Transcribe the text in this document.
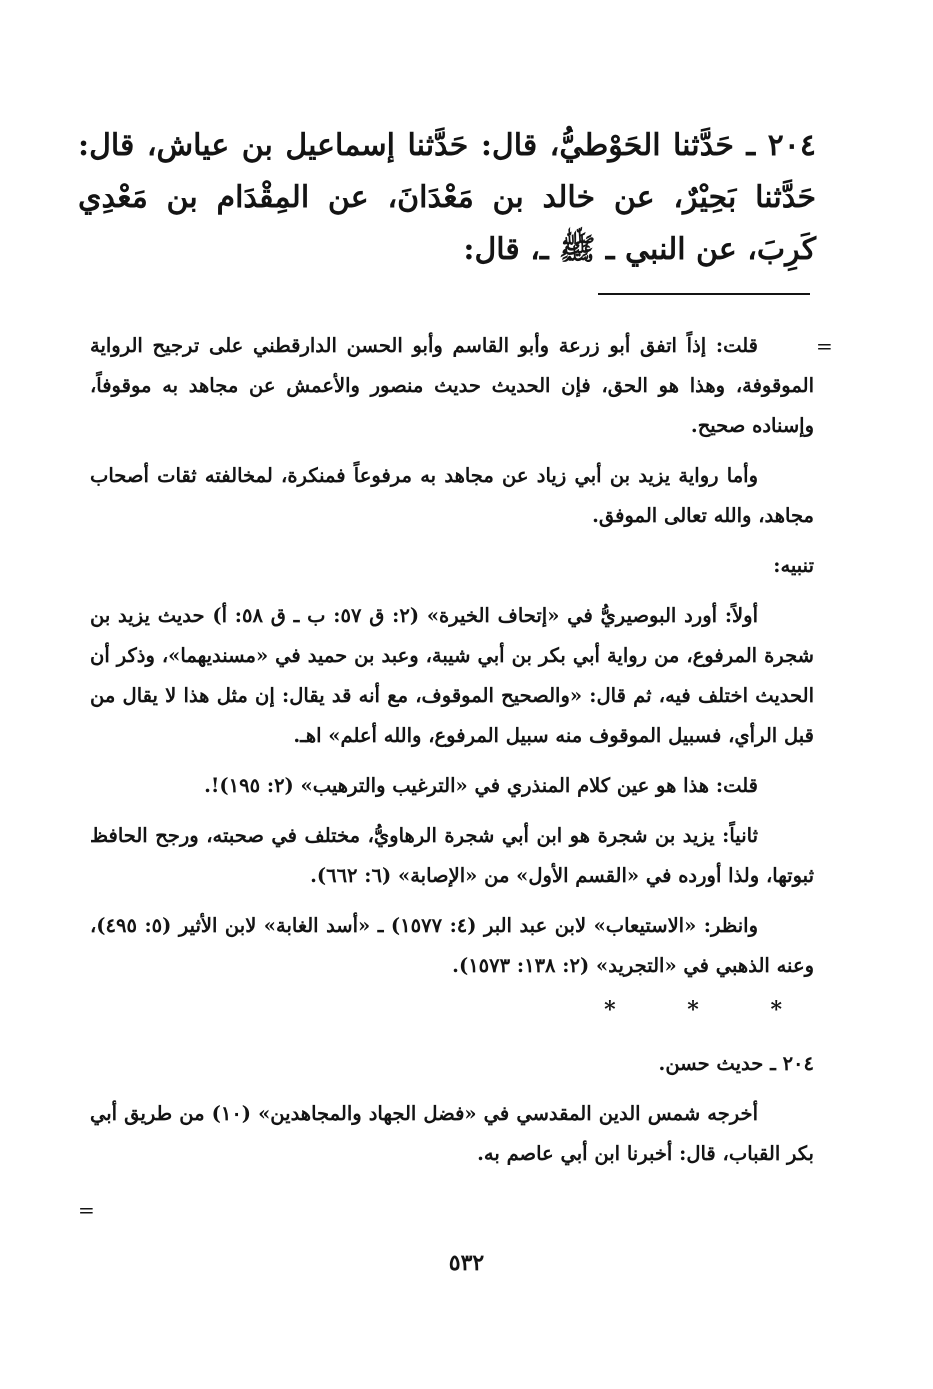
٢٠٤ ـ حَدَّثنا الحَوْطيُّ، قال: حَدَّثنا إسماعيل بن عياش، قال: حَدَّثنا بَحِيْرٌ، عن خالد بن مَعْدَانَ، عن المِقْدَام بن مَعْدِي كَرِبَ، عن النبي ـ ﷺ ـ، قال:
=

قلت: إذاً اتفق أبو زرعة وأبو القاسم وأبو الحسن الدارقطني على ترجيح الرواية الموقوفة، وهذا هو الحق، فإن الحديث حديث منصور والأعمش عن مجاهد به موقوفاً، وإسناده صحيح.

وأما رواية يزيد بن أبي زياد عن مجاهد به مرفوعاً فمنكرة، لمخالفته ثقات أصحاب مجاهد، والله تعالى الموفق.

تنبيه:

أولاً: أورد البوصيريُّ في «إتحاف الخيرة» (٢: ق ٥٧: ب ـ ق ٥٨: أ) حديث يزيد بن شجرة المرفوع، من رواية أبي بكر بن أبي شيبة، وعبد بن حميد في «مسنديهما»، وذكر أن الحديث اختلف فيه، ثم قال: «والصحيح الموقوف، مع أنه قد يقال: إن مثل هذا لا يقال من قبل الرأي، فسبيل الموقوف منه سبيل المرفوع، والله أعلم» اهـ.

قلت: هذا هو عين كلام المنذري في «الترغيب والترهيب» (٢: ١٩٥)!.

ثانياً: يزيد بن شجرة هو ابن أبي شجرة الرهاويُّ، مختلف في صحبته، ورجح الحافظ ثبوتها، ولذا أورده في «القسم الأول» من «الإصابة» (٦: ٦٦٢).

وانظر: «الاستيعاب» لابن عبد البر (٤: ١٥٧٧) ـ «أسد الغابة» لابن الأثير (٥: ٤٩٥)، وعنه الذهبي في «التجريد» (٢: ١٣٨: ١٥٧٣).

*	*	*

٢٠٤ ـ حديث حسن.

أخرجه شمس الدين المقدسي في «فضل الجهاد والمجاهدين» (١٠) من طريق أبي بكر القباب، قال: أخبرنا ابن أبي عاصم به.

=
٥٣٢
